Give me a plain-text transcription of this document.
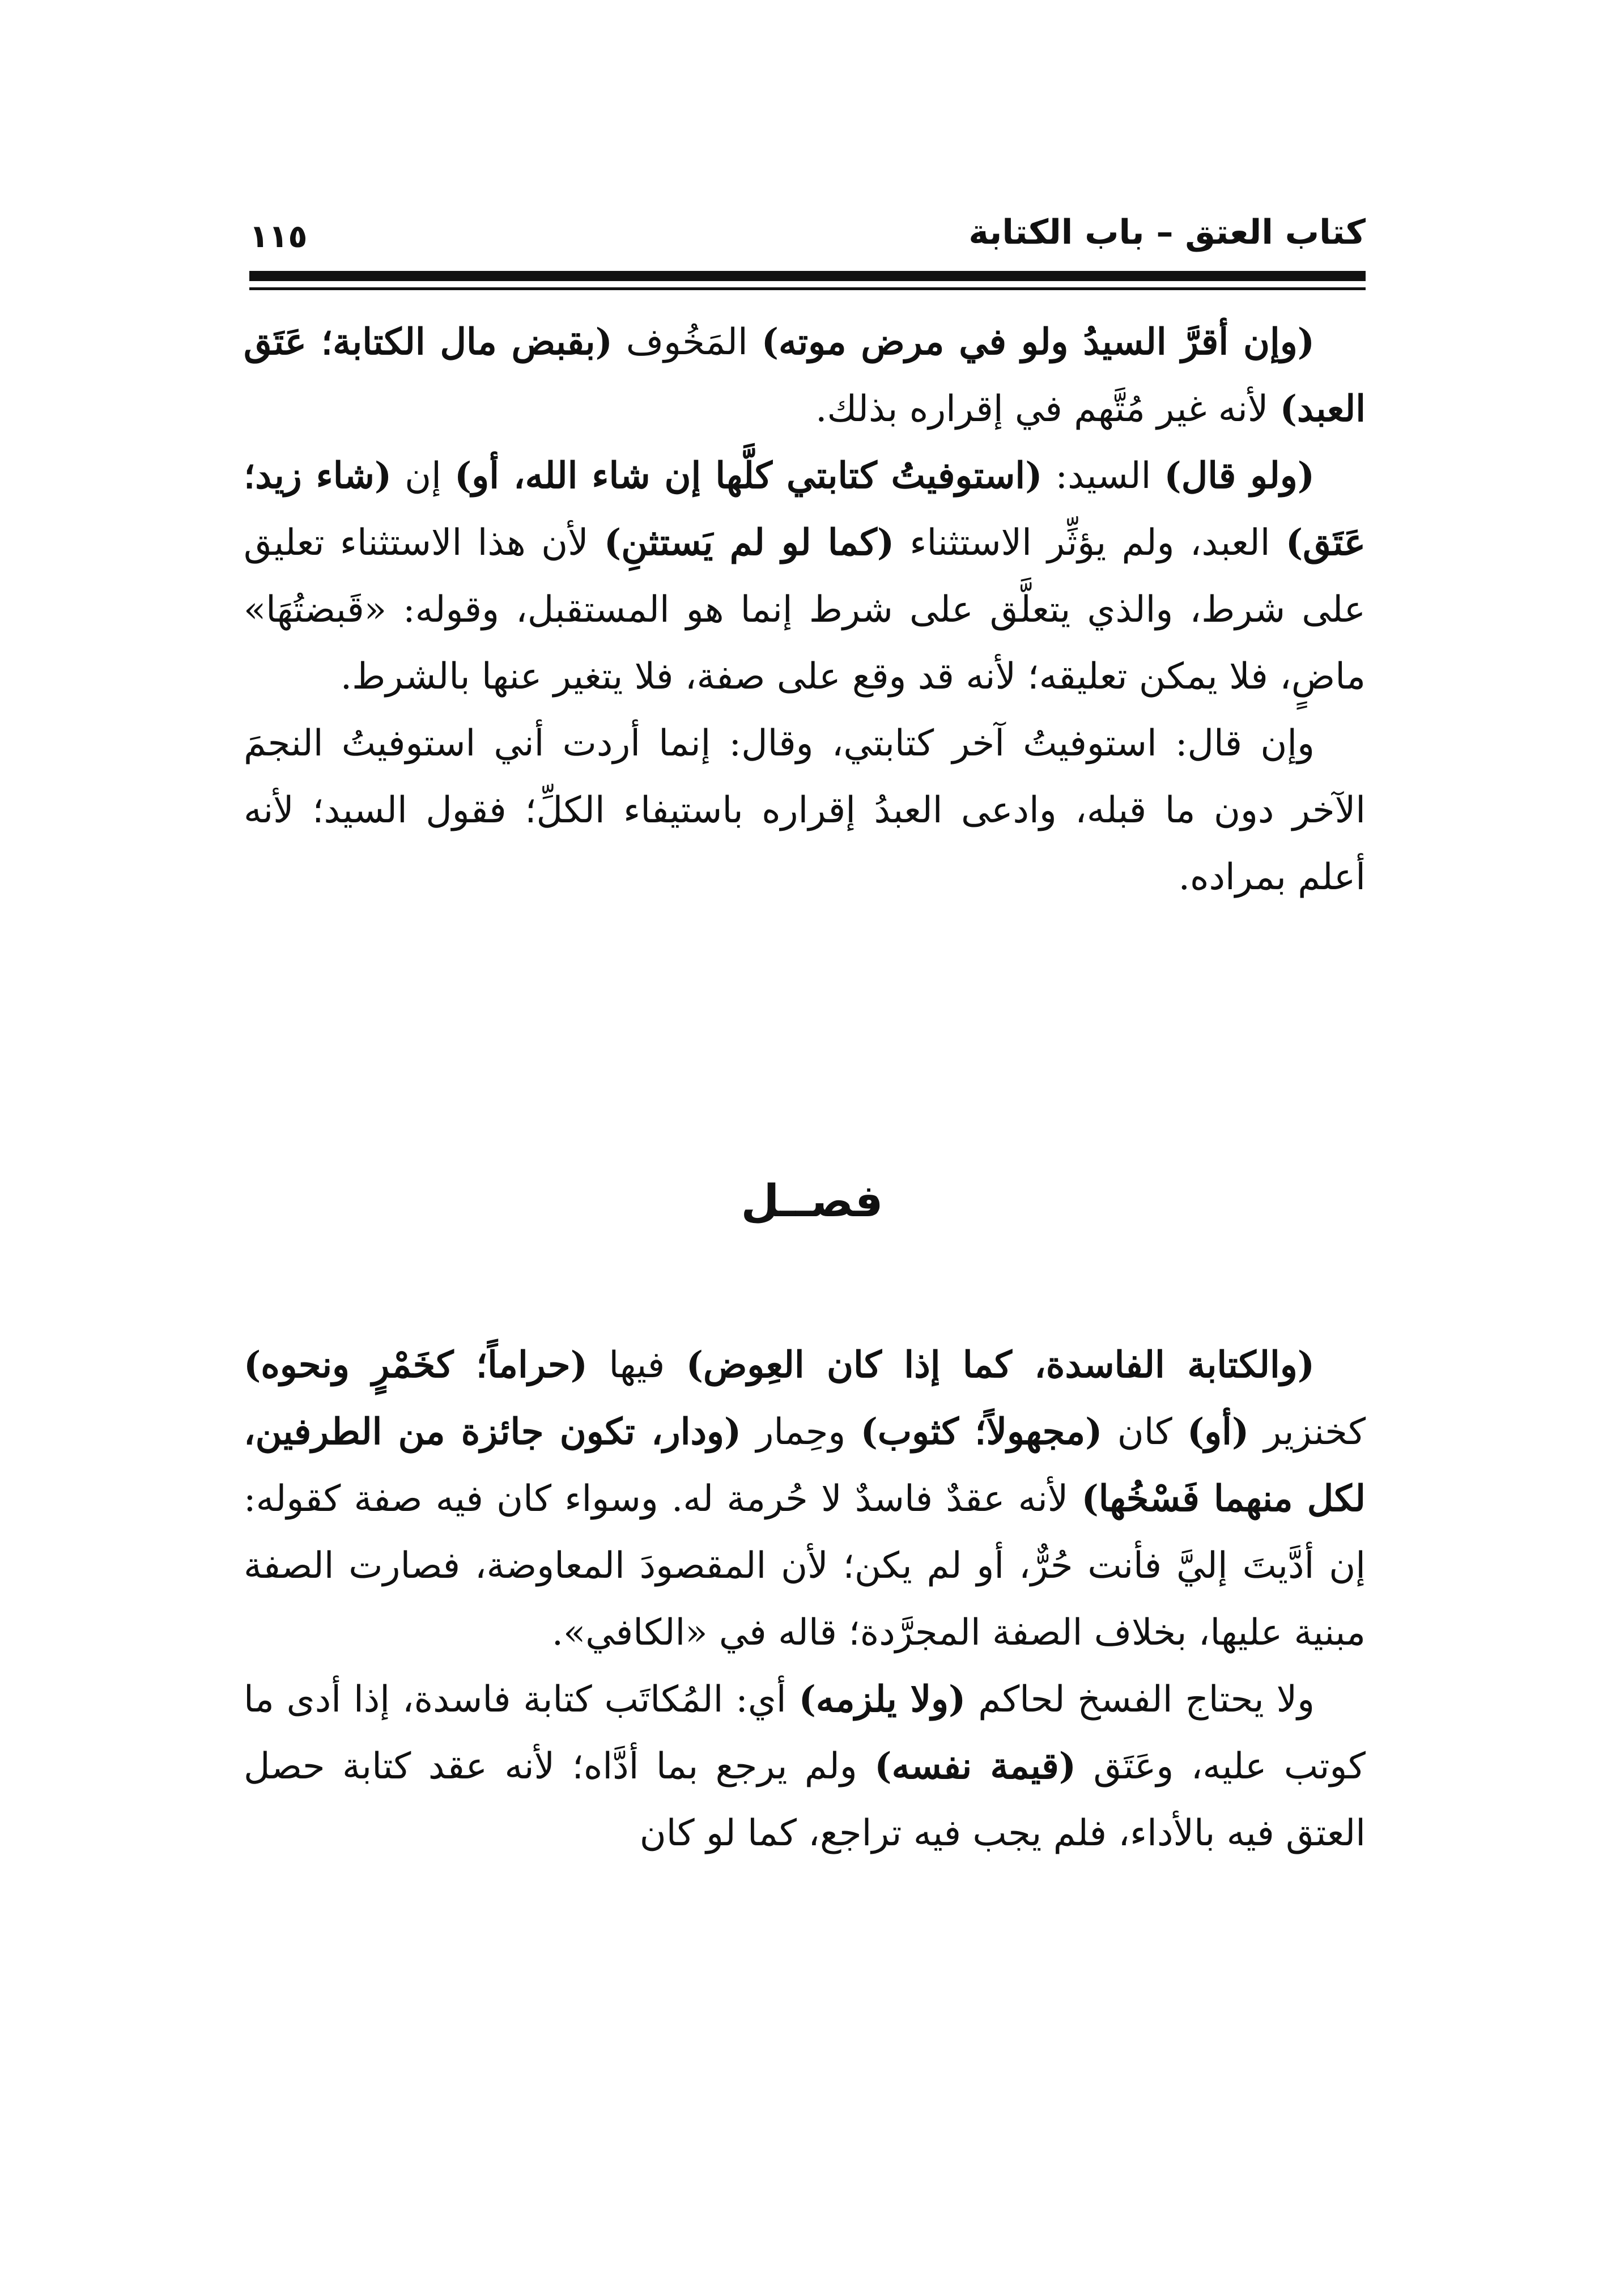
كتاب العتق – باب الكتابة
١١٥

(وإن أقرَّ السيدُ ولو في مرض موته) المَخُوف (بقبض مال الكتابة؛ عَتَق العبد) لأنه غير مُتَّهم في إقراره بذلك.

(ولو قال) السيد: (استوفيتُ كتابتي كلَّها إن شاء الله، أو) إن (شاء زيد؛ عَتَق) العبد، ولم يؤثِّر الاستثناء (كما لو لم يَستثنِ) لأن هذا الاستثناء تعليق على شرط، والذي يتعلَّق على شرط إنما هو المستقبل، وقوله: «قَبضتُهَا» ماضٍ، فلا يمكن تعليقه؛ لأنه قد وقع على صفة، فلا يتغير عنها بالشرط.

وإن قال: استوفيتُ آخر كتابتي، وقال: إنما أردت أني استوفيتُ النجمَ الآخر دون ما قبله، وادعى العبدُ إقراره باستيفاء الكلِّ؛ فقول السيد؛ لأنه أعلم بمراده.

فصــل

(والكتابة الفاسدة، كما إذا كان العِوض) فيها (حراماً؛ كخَمْرٍ ونحوه) كخنزير (أو) كان (مجهولاً؛ كثوب) وحِمار (ودار، تكون جائزة من الطرفين، لكل منهما فَسْخُها) لأنه عقدٌ فاسدٌ لا حُرمة له. وسواء كان فيه صفة كقوله: إن أدَّيتَ إليَّ فأنت حُرٌّ، أو لم يكن؛ لأن المقصودَ المعاوضة، فصارت الصفة مبنية عليها، بخلاف الصفة المجرَّدة؛ قاله في «الكافي».

ولا يحتاج الفسخ لحاكم (ولا يلزمه) أي: المُكاتَب كتابة فاسدة، إذا أدى ما كوتب عليه، وعَتَق (قيمة نفسه) ولم يرجع بما أدَّاه؛ لأنه عقد كتابة حصل العتق فيه بالأداء، فلم يجب فيه تراجع، كما لو كان
